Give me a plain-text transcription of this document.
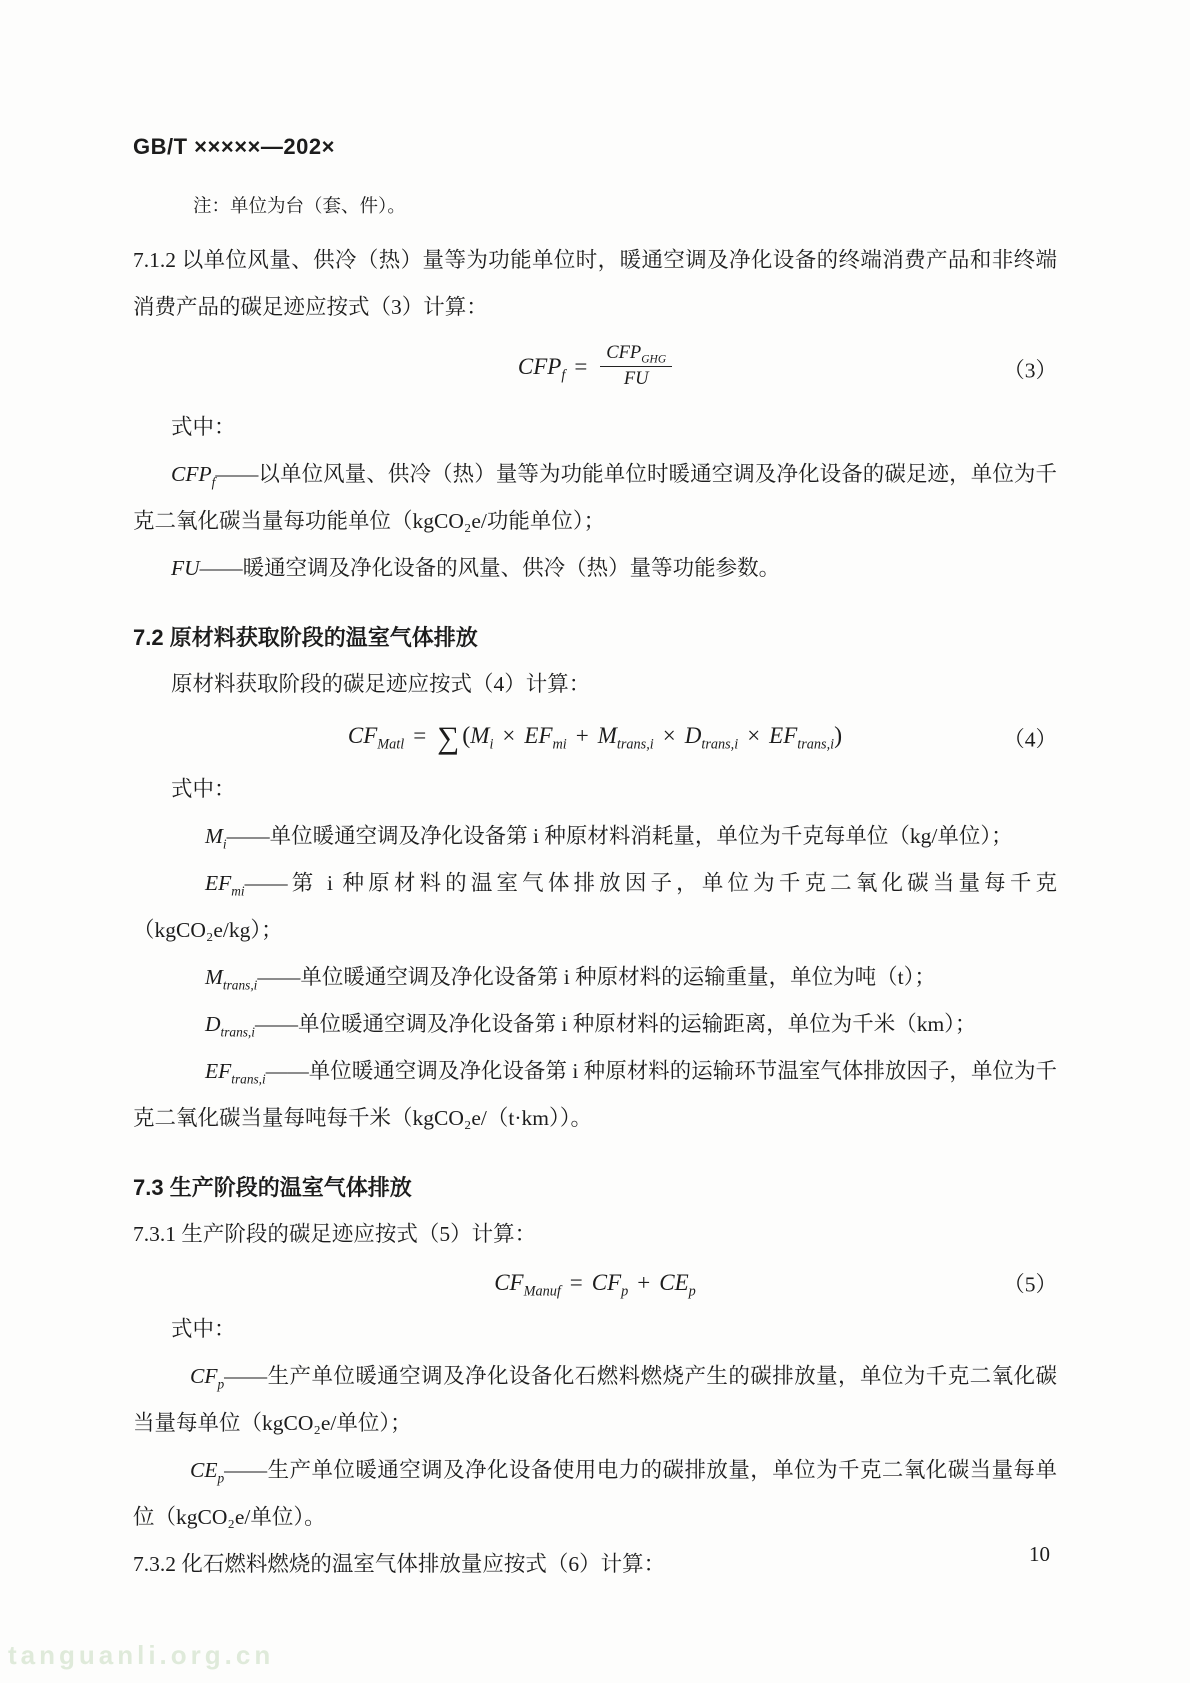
GB/T ×××××—202×

注：单位为台（套、件）。

7.1.2 以单位风量、供冷（热）量等为功能单位时，暖通空调及净化设备的终端消费产品和非终端消费产品的碳足迹应按式（3）计算：

$CFP_f = \frac{CFP_{GHG}}{FU}$	（3）

式中：

$CFP_f——$以单位风量、供冷（热）量等为功能单位时暖通空调及净化设备的碳足迹，单位为千克二氧化碳当量每功能单位（kgCO₂e/功能单位）；

FU——暖通空调及净化设备的风量、供冷（热）量等功能参数。

7.2 原材料获取阶段的温室气体排放

原材料获取阶段的碳足迹应按式（4）计算：

$CF_{Matl}$ = ∑ $(M_i \times EF_{mi} + M_{trans,i} \times D_{trans,i} \times EF_{trans,i})$	（4）

式中：

$M_i——$单位暖通空调及净化设备第 i 种原材料消耗量，单位为千克每单位（kg/单位）；

$EF_{mi}——$第 i 种原材料的温室气体排放因子，单位为千克二氧化碳当量每千克（kgCO₂e/kg）；

$M_{trans,i}——$单位暖通空调及净化设备第 i 种原材料的运输重量，单位为吨（t）；

$D_{trans,i}——$单位暖通空调及净化设备第 i 种原材料的运输距离，单位为千米（km）；

$EF_{trans,i}——$单位暖通空调及净化设备第 i 种原材料的运输环节温室气体排放因子，单位为千克二氧化碳当量每吨每千米（kgCO₂e/（t·km））。

7.3 生产阶段的温室气体排放

7.3.1 生产阶段的碳足迹应按式（5）计算：

$CF_{Manuf} = CF_p + CE_p$	（5）

式中：

$CF_p——$生产单位暖通空调及净化设备化石燃料燃烧产生的碳排放量，单位为千克二氧化碳当量每单位（kgCO₂e/单位）；

$CE_p——$生产单位暖通空调及净化设备使用电力的碳排放量，单位为千克二氧化碳当量每单位（kgCO₂e/单位）。

7.3.2 化石燃料燃烧的温室气体排放量应按式（6）计算：	10
tanguanli.org.cn
